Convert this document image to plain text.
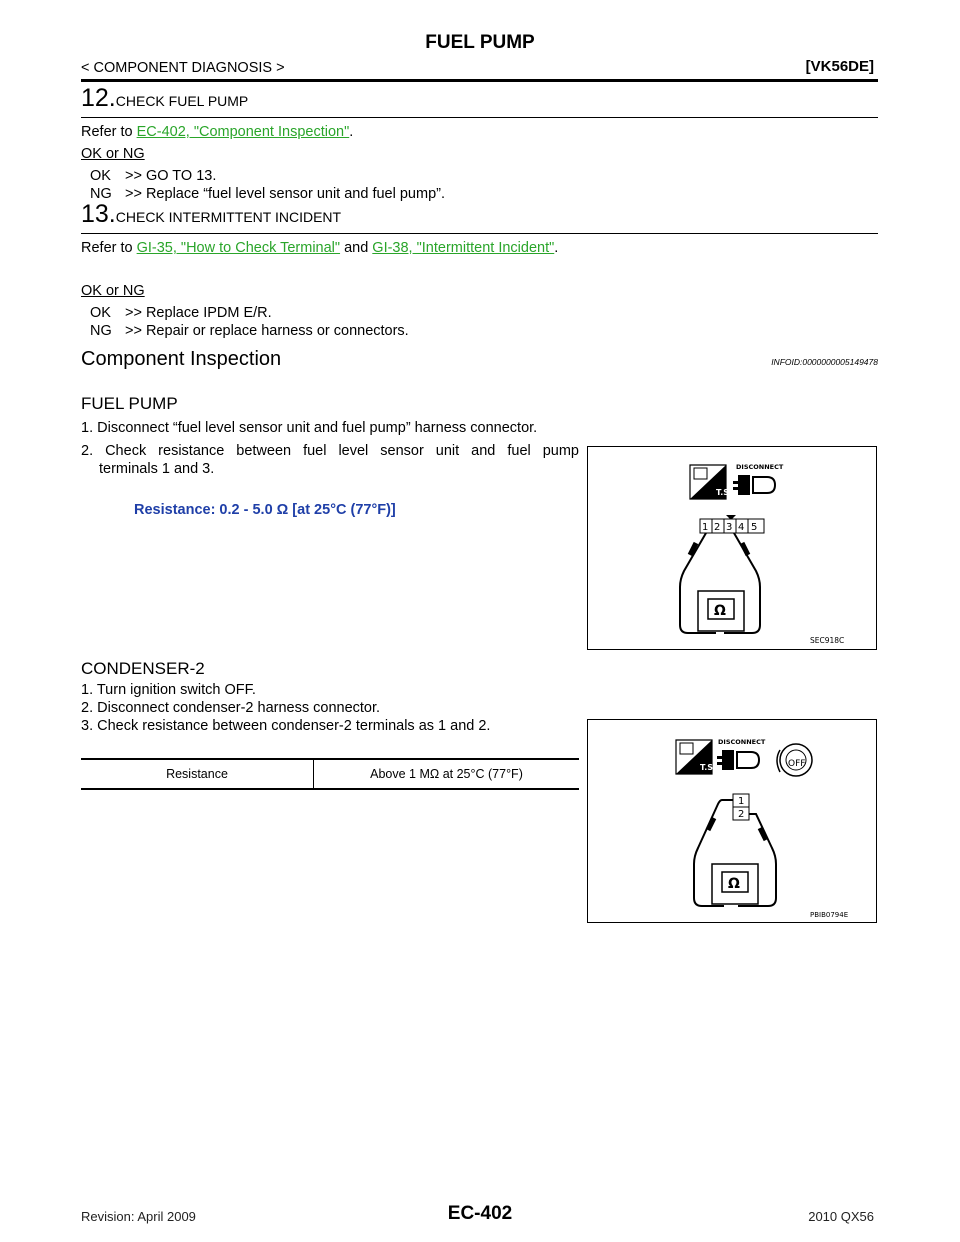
FUEL PUMP
< COMPONENT DIAGNOSIS >	[VK56DE]
12.CHECK FUEL PUMP
Refer to EC-402, "Component Inspection".
OK or NG
OK >> GO TO 13.
NG >> Replace “fuel level sensor unit and fuel pump”.
13.CHECK INTERMITTENT INCIDENT
Refer to GI-35, "How to Check Terminal" and GI-38, "Intermittent Incident".
OK or NG
OK >> Replace IPDM E/R.
NG >> Repair or replace harness or connectors.
Component Inspection	INFOID:0000000005149478
FUEL PUMP
1. Disconnect “fuel level sensor unit and fuel pump” harness connector.
2. Check resistance between fuel level sensor unit and fuel pump
terminals 1 and 3.
Resistance: 0.2 - 5.0 Ω [at 25°C (77°F)]
T.S.
DISCONNECT
1 2 3 4 5
Ω
SEC918C
CONDENSER-2
1. Turn ignition switch OFF.
2. Disconnect condenser-2 harness connector.
3. Check resistance between condenser-2 terminals as 1 and 2.
Resistance	Above 1 MΩ at 25°C (77°F)	T.S.
DISCONNECT
OFF
1
2
Ω
PBIB0794E
Revision: April 2009	EC-402	2010 QX56
